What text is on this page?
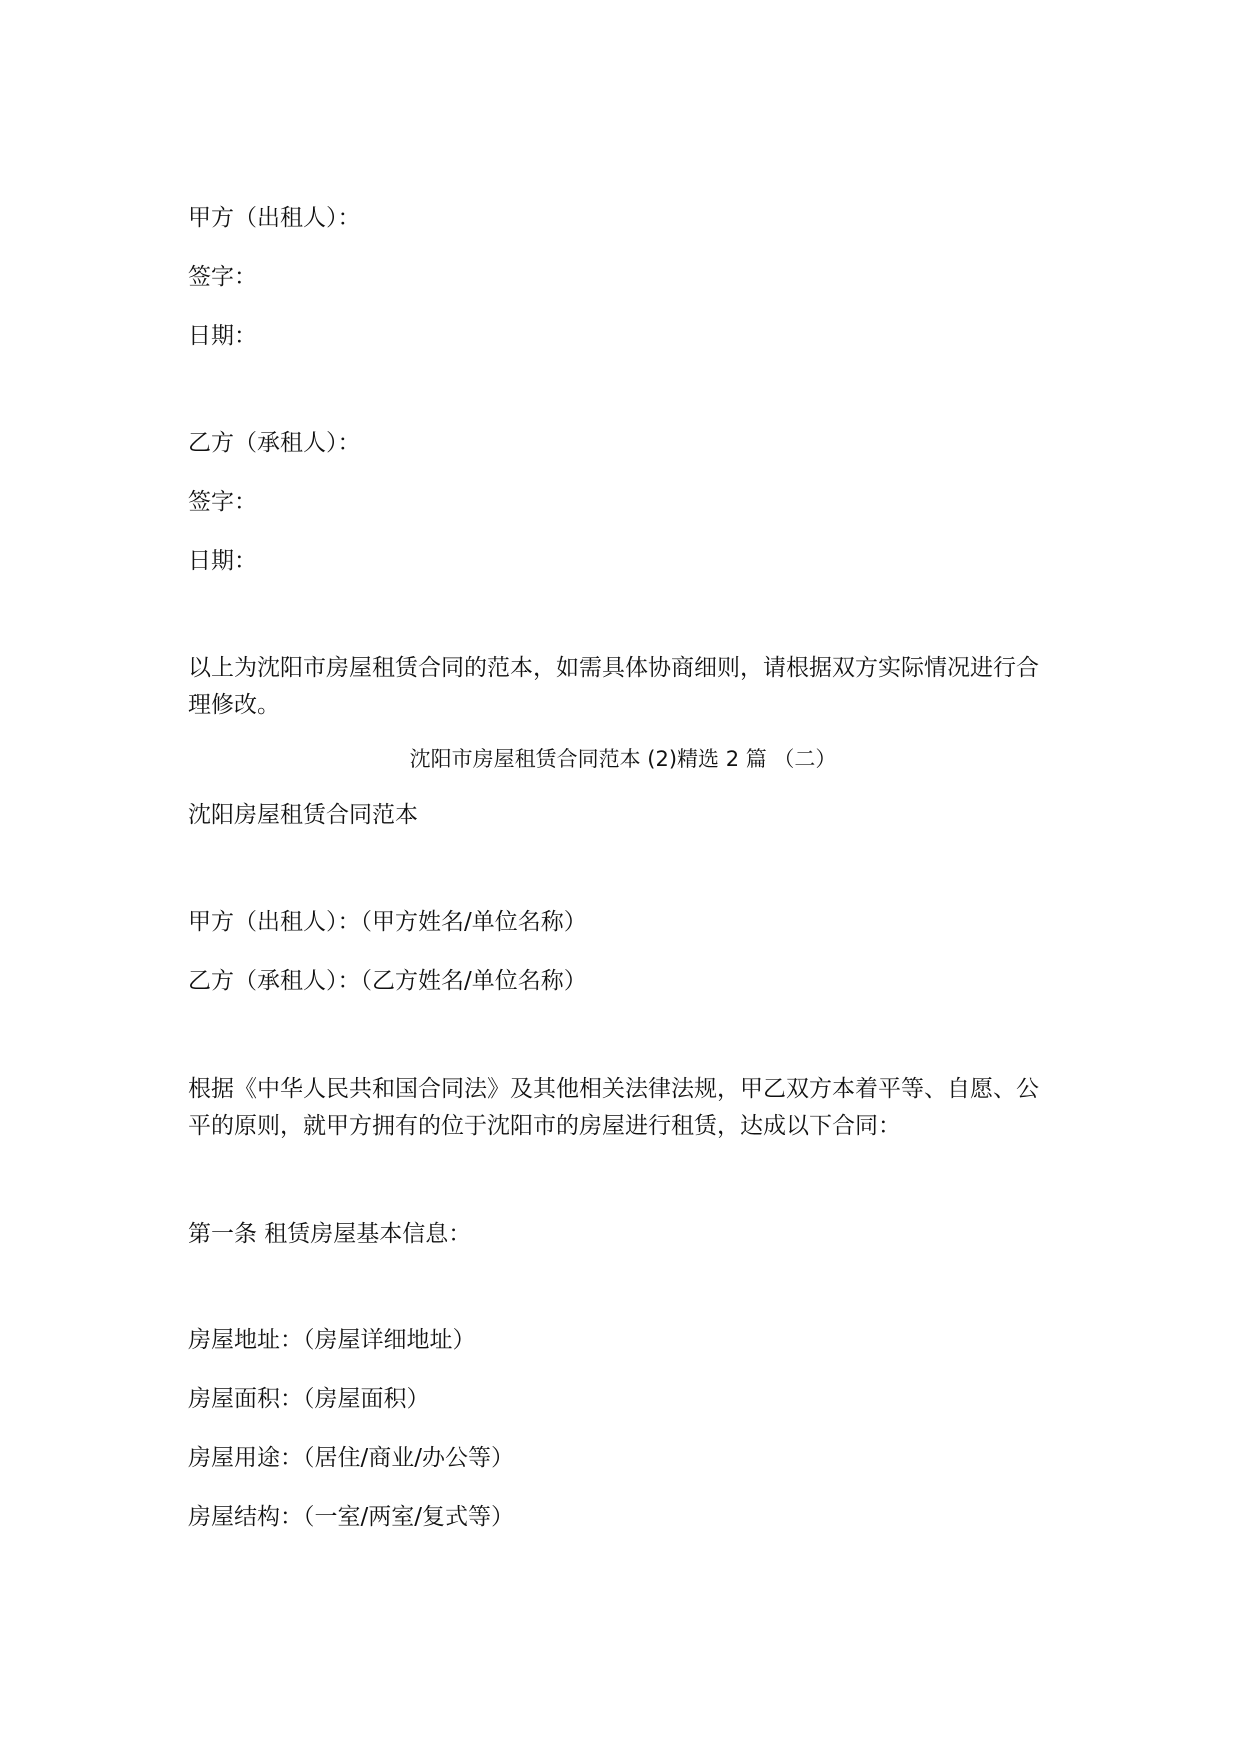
甲方（出租人）：

签字：

日期：

乙方（承租人）：

签字：

日期：

以上为沈阳市房屋租赁合同的范本，如需具体协商细则，请根据双方实际情况进行合理修改。

沈阳市房屋租赁合同范本 (2)精选 2 篇 （二）

沈阳房屋租赁合同范本

甲方（出租人）：（甲方姓名/单位名称）

乙方（承租人）：（乙方姓名/单位名称）

根据《中华人民共和国合同法》及其他相关法律法规，甲乙双方本着平等、自愿、公平的原则，就甲方拥有的位于沈阳市的房屋进行租赁，达成以下合同：

第一条 租赁房屋基本信息：

房屋地址：（房屋详细地址）

房屋面积：（房屋面积）

房屋用途：（居住/商业/办公等）

房屋结构：（一室/两室/复式等）
